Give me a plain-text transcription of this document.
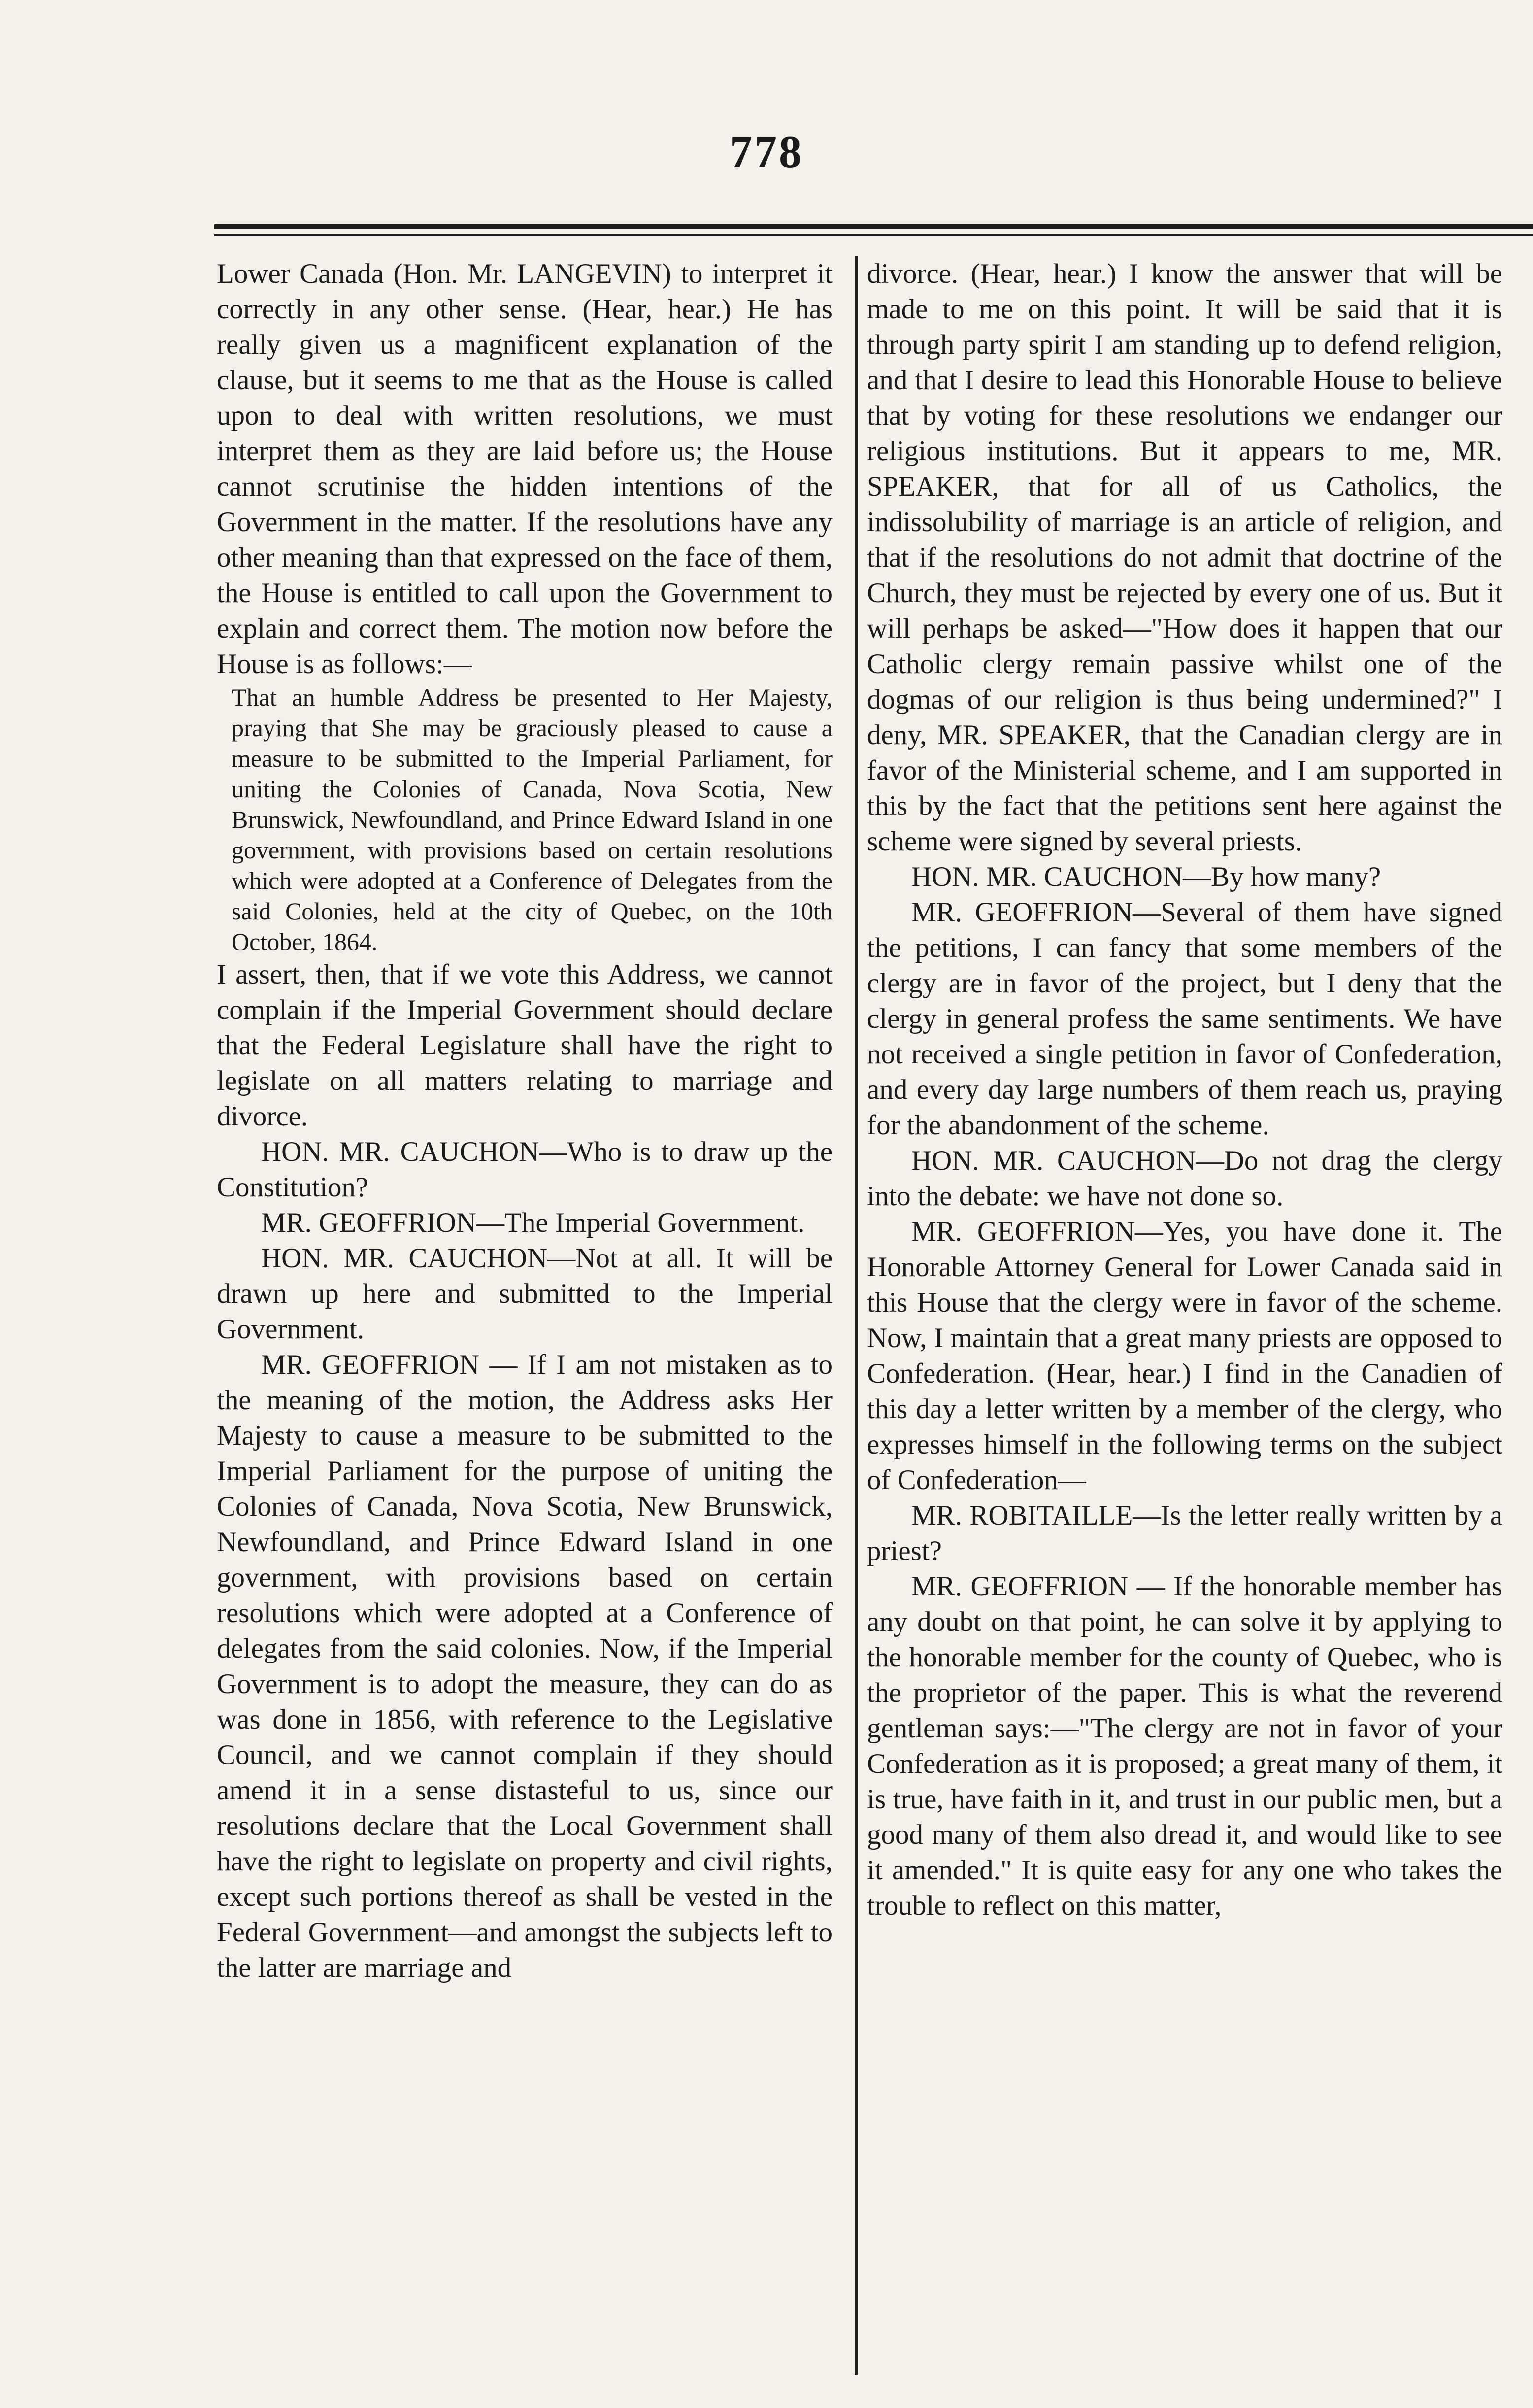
778

Lower Canada (Hon. Mr. LANGEVIN) to interpret it correctly in any other sense. (Hear, hear.) He has really given us a magnificent explanation of the clause, but it seems to me that as the House is called upon to deal with written resolutions, we must interpret them as they are laid before us; the House cannot scrutinise the hidden intentions of the Government in the matter. If the resolutions have any other meaning than that expressed on the face of them, the House is entitled to call upon the Government to explain and correct them. The motion now before the House is as follows:—

That an humble Address be presented to Her Majesty, praying that She may be graciously pleased to cause a measure to be submitted to the Imperial Parliament, for uniting the Colonies of Canada, Nova Scotia, New Brunswick, Newfoundland, and Prince Edward Island in one government, with provisions based on certain resolutions which were adopted at a Conference of Delegates from the said Colonies, held at the city of Quebec, on the 10th October, 1864.

I assert, then, that if we vote this Address, we cannot complain if the Imperial Government should declare that the Federal Legislature shall have the right to legislate on all matters relating to marriage and divorce.

HON. MR. CAUCHON—Who is to draw up the Constitution?

MR. GEOFFRION—The Imperial Government.

HON. MR. CAUCHON—Not at all. It will be drawn up here and submitted to the Imperial Government.

MR. GEOFFRION — If I am not mistaken as to the meaning of the motion, the Address asks Her Majesty to cause a measure to be submitted to the Imperial Parliament for the purpose of uniting the Colonies of Canada, Nova Scotia, New Brunswick, Newfoundland, and Prince Edward Island in one government, with provisions based on certain resolutions which were adopted at a Conference of delegates from the said colonies. Now, if the Imperial Government is to adopt the measure, they can do as was done in 1856, with reference to the Legislative Council, and we cannot complain if they should amend it in a sense distasteful to us, since our resolutions declare that the Local Government shall have the right to legislate on property and civil rights, except such portions thereof as shall be vested in the Federal Government—and amongst the subjects left to the latter are marriage and

divorce. (Hear, hear.) I know the answer that will be made to me on this point. It will be said that it is through party spirit I am standing up to defend religion, and that I desire to lead this Honorable House to believe that by voting for these resolutions we endanger our religious institutions. But it appears to me, MR. SPEAKER, that for all of us Catholics, the indissolubility of marriage is an article of religion, and that if the resolutions do not admit that doctrine of the Church, they must be rejected by every one of us. But it will perhaps be asked—"How does it happen that our Catholic clergy remain passive whilst one of the dogmas of our religion is thus being undermined?" I deny, MR. SPEAKER, that the Canadian clergy are in favor of the Ministerial scheme, and I am supported in this by the fact that the petitions sent here against the scheme were signed by several priests.

HON. MR. CAUCHON—By how many?

MR. GEOFFRION—Several of them have signed the petitions, I can fancy that some members of the clergy are in favor of the project, but I deny that the clergy in general profess the same sentiments. We have not received a single petition in favor of Confederation, and every day large numbers of them reach us, praying for the abandonment of the scheme.

HON. MR. CAUCHON—Do not drag the clergy into the debate: we have not done so.

MR. GEOFFRION—Yes, you have done it. The Honorable Attorney General for Lower Canada said in this House that the clergy were in favor of the scheme. Now, I maintain that a great many priests are opposed to Confederation. (Hear, hear.) I find in the Canadien of this day a letter written by a member of the clergy, who expresses himself in the following terms on the subject of Confederation—

MR. ROBITAILLE—Is the letter really written by a priest?

MR. GEOFFRION — If the honorable member has any doubt on that point, he can solve it by applying to the honorable member for the county of Quebec, who is the proprietor of the paper. This is what the reverend gentleman says:—"The clergy are not in favor of your Confederation as it is proposed; a great many of them, it is true, have faith in it, and trust in our public men, but a good many of them also dread it, and would like to see it amended." It is quite easy for any one who takes the trouble to reflect on this matter,
